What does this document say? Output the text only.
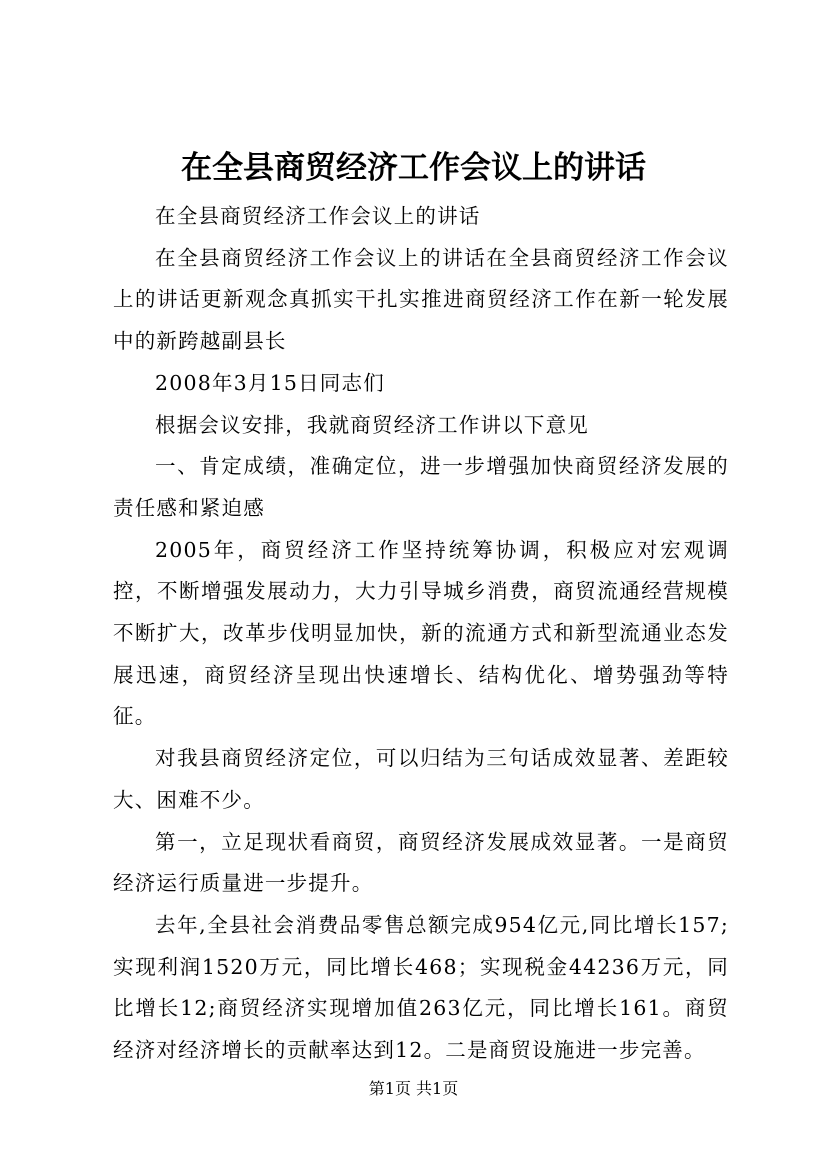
在全县商贸经济工作会议上的讲话

在全县商贸经济工作会议上的讲话

在全县商贸经济工作会议上的讲话在全县商贸经济工作会议上的讲话更新观念真抓实干扎实推进商贸经济工作在新一轮发展中的新跨越副县长

2008年3月15日同志们

根据会议安排，我就商贸经济工作讲以下意见

一、肯定成绩，准确定位，进一步增强加快商贸经济发展的责任感和紧迫感

2005年，商贸经济工作坚持统筹协调，积极应对宏观调控，不断增强发展动力，大力引导城乡消费，商贸流通经营规模不断扩大，改革步伐明显加快，新的流通方式和新型流通业态发展迅速，商贸经济呈现出快速增长、结构优化、增势强劲等特征。

对我县商贸经济定位，可以归结为三句话成效显著、差距较大、困难不少。

第一，立足现状看商贸，商贸经济发展成效显著。一是商贸经济运行质量进一步提升。

去年,全县社会消费品零售总额完成954亿元,同比增长157;实现利润1520万元，同比增长468；实现税金44236万元，同比增长12;商贸经济实现增加值263亿元，同比增长161。商贸经济对经济增长的贡献率达到12。二是商贸设施进一步完善。

第1页 共1页
